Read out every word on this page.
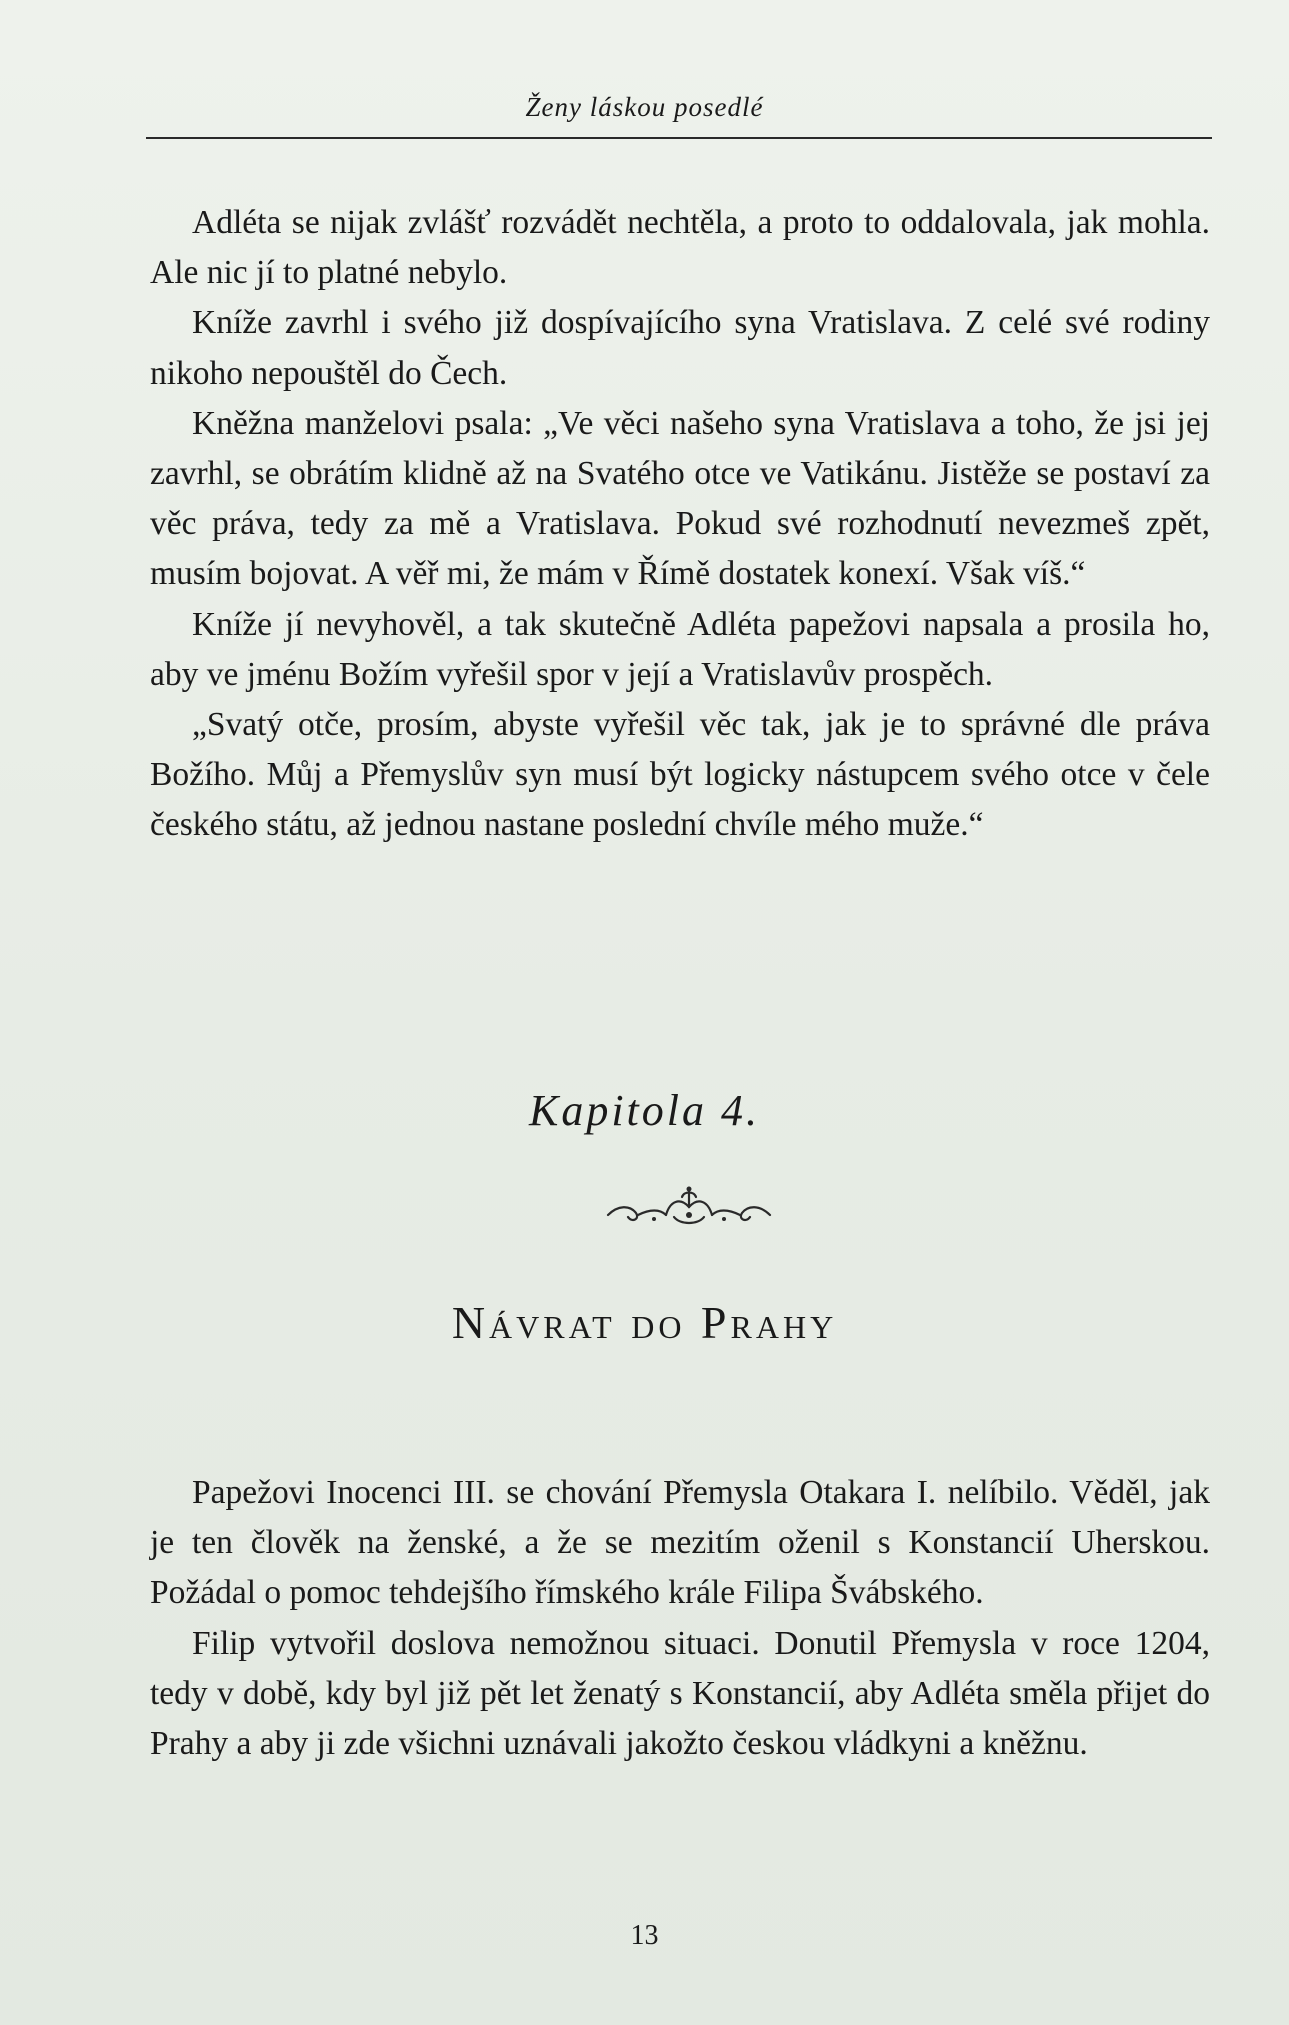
Ženy láskou posedlé

Adléta se nijak zvlášť rozvádět nechtěla, a proto to oddalovala, jak mohla. Ale nic jí to platné nebylo.

Kníže zavrhl i svého již dospívajícího syna Vratislava. Z celé své rodiny nikoho nepouštěl do Čech.

Kněžna manželovi psala: „Ve věci našeho syna Vratislava a toho, že jsi jej zavrhl, se obrátím klidně až na Svatého otce ve Vatikánu. Jistěže se postaví za věc práva, tedy za mě a Vratislava. Pokud své rozhodnutí nevezmeš zpět, musím bojovat. A věř mi, že mám v Římě dostatek konexí. Však víš.“

Kníže jí nevyhověl, a tak skutečně Adléta papežovi napsala a prosila ho, aby ve jménu Božím vyřešil spor v její a Vratislavův prospěch.

„Svatý otče, prosím, abyste vyřešil věc tak, jak je to správné dle práva Božího. Můj a Přemyslův syn musí být logicky nástupcem svého otce v čele českého státu, až jednou nastane poslední chvíle mého muže.“

Kapitola 4.
Návrat do Prahy

Papežovi Inocenci III. se chování Přemysla Otakara I. nelíbilo. Věděl, jak je ten člověk na ženské, a že se mezitím oženil s Konstancií Uherskou. Požádal o pomoc tehdejšího římského krále Filipa Švábského.

Filip vytvořil doslova nemožnou situaci. Donutil Přemysla v roce 1204, tedy v době, kdy byl již pět let ženatý s Konstancií, aby Adléta směla přijet do Prahy a aby ji zde všichni uznávali jakožto českou vládkyni a kněžnu.

13
